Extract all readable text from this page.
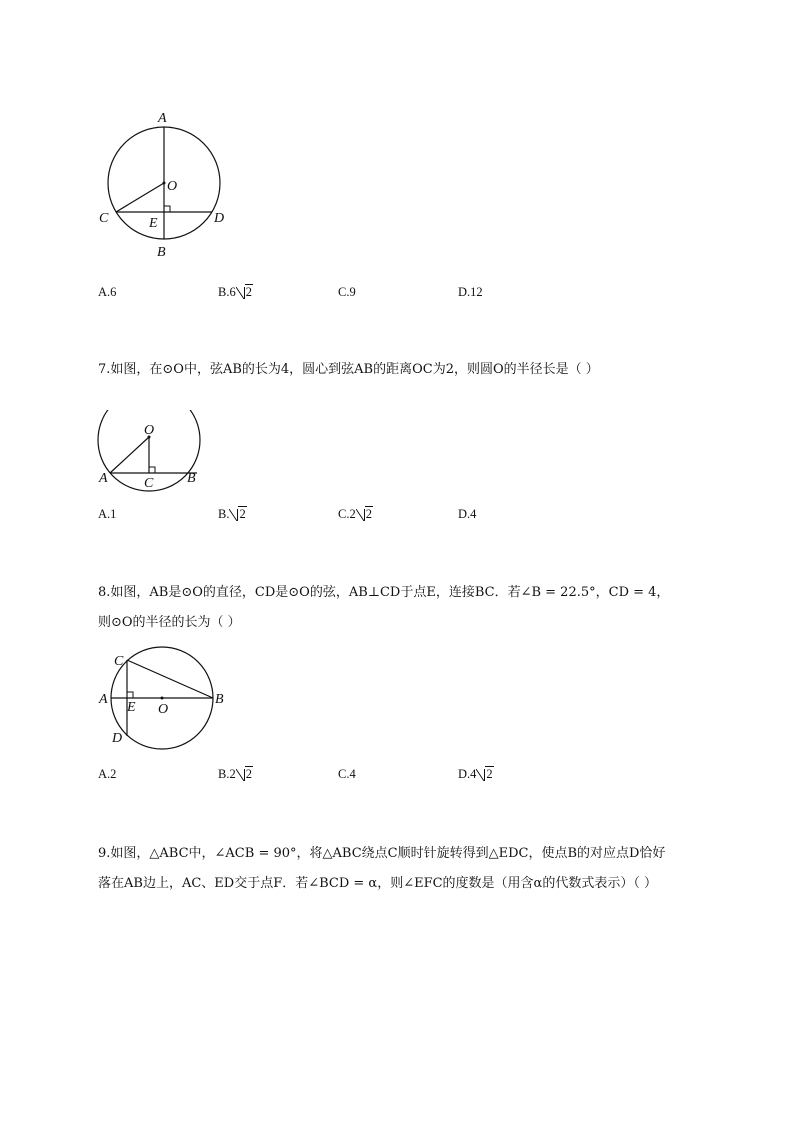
A
O
C	E	D
B
A.6	B.6 2	C.9	D.12
7.如图，在⊙O中，弦AB的长为4，圆心到弦AB的距离OC为2，则圆O的半径长是（ ）
O
A	C B
A.1	B. 2	C.2 2	D.4
8.如图，AB是⊙O的直径，CD是⊙O的弦，AB⊥CD于点E，连接BC．若∠B = 22.5°，CD = 4，
则⊙O的半径的长为（ ）
C
A
E O
B
D
A.2	B.2 2	C.4	D.4 2
9.如图，△ABC中，∠ACB = 90°，将△ABC绕点C顺时针旋转得到△EDC，使点B的对应点D恰好
落在AB边上，AC、ED交于点F．若∠BCD = α，则∠EFC的度数是（用含α的代数式表示）（ ）
